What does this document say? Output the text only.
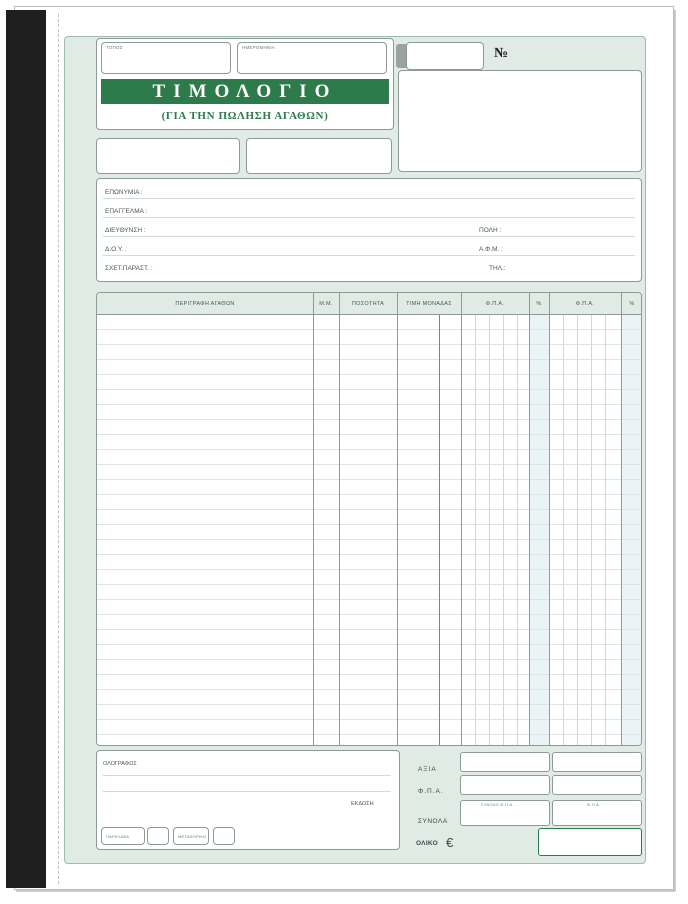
ΤΟΠΟΣ	ΗΜΕΡΟΜΗΝΙΑ
ΤΙΜΟΛΟΓΙΟ
(ΓΙΑ ΤΗΝ ΠΩΛΗΣΗ ΑΓΑΘΩΝ)
№
ΕΠΩΝΥΜΙΑ :
ΕΠΑΓΓΕΛΜΑ :
ΔΙΕΥΘΥΝΣΗ :	ΠΟΛΗ :
Δ.Ο.Υ. :	Α.Φ.Μ. :
ΣΧΕΤ.ΠΑΡΑΣΤ. :	ΤΗΛ.:
ΠΕΡΙΓΡΑΦΗ ΑΓΑΘΩΝ	Μ.Μ.	ΠΟΣΟΤΗΤΑ	ΤΙΜΗ ΜΟΝΑΔΑΣ	Φ.Π.Α.	%	Φ.Π.Α.	%
ΟΛΟΓΡΑΦΩΣ
ΕΚΔΟΣΗ
ΠΑΡΕΛΑΒΑ	ΜΕΤΑΦΟΡΙΚΟ
ΑΞΙΑ
Φ.Π.Α.
ΣΥΝΟΛΑ
ΟΛΙΚΟ €
ΣΥΝΟΛΟ Φ.Π.Α.	Φ.Π.Α.
